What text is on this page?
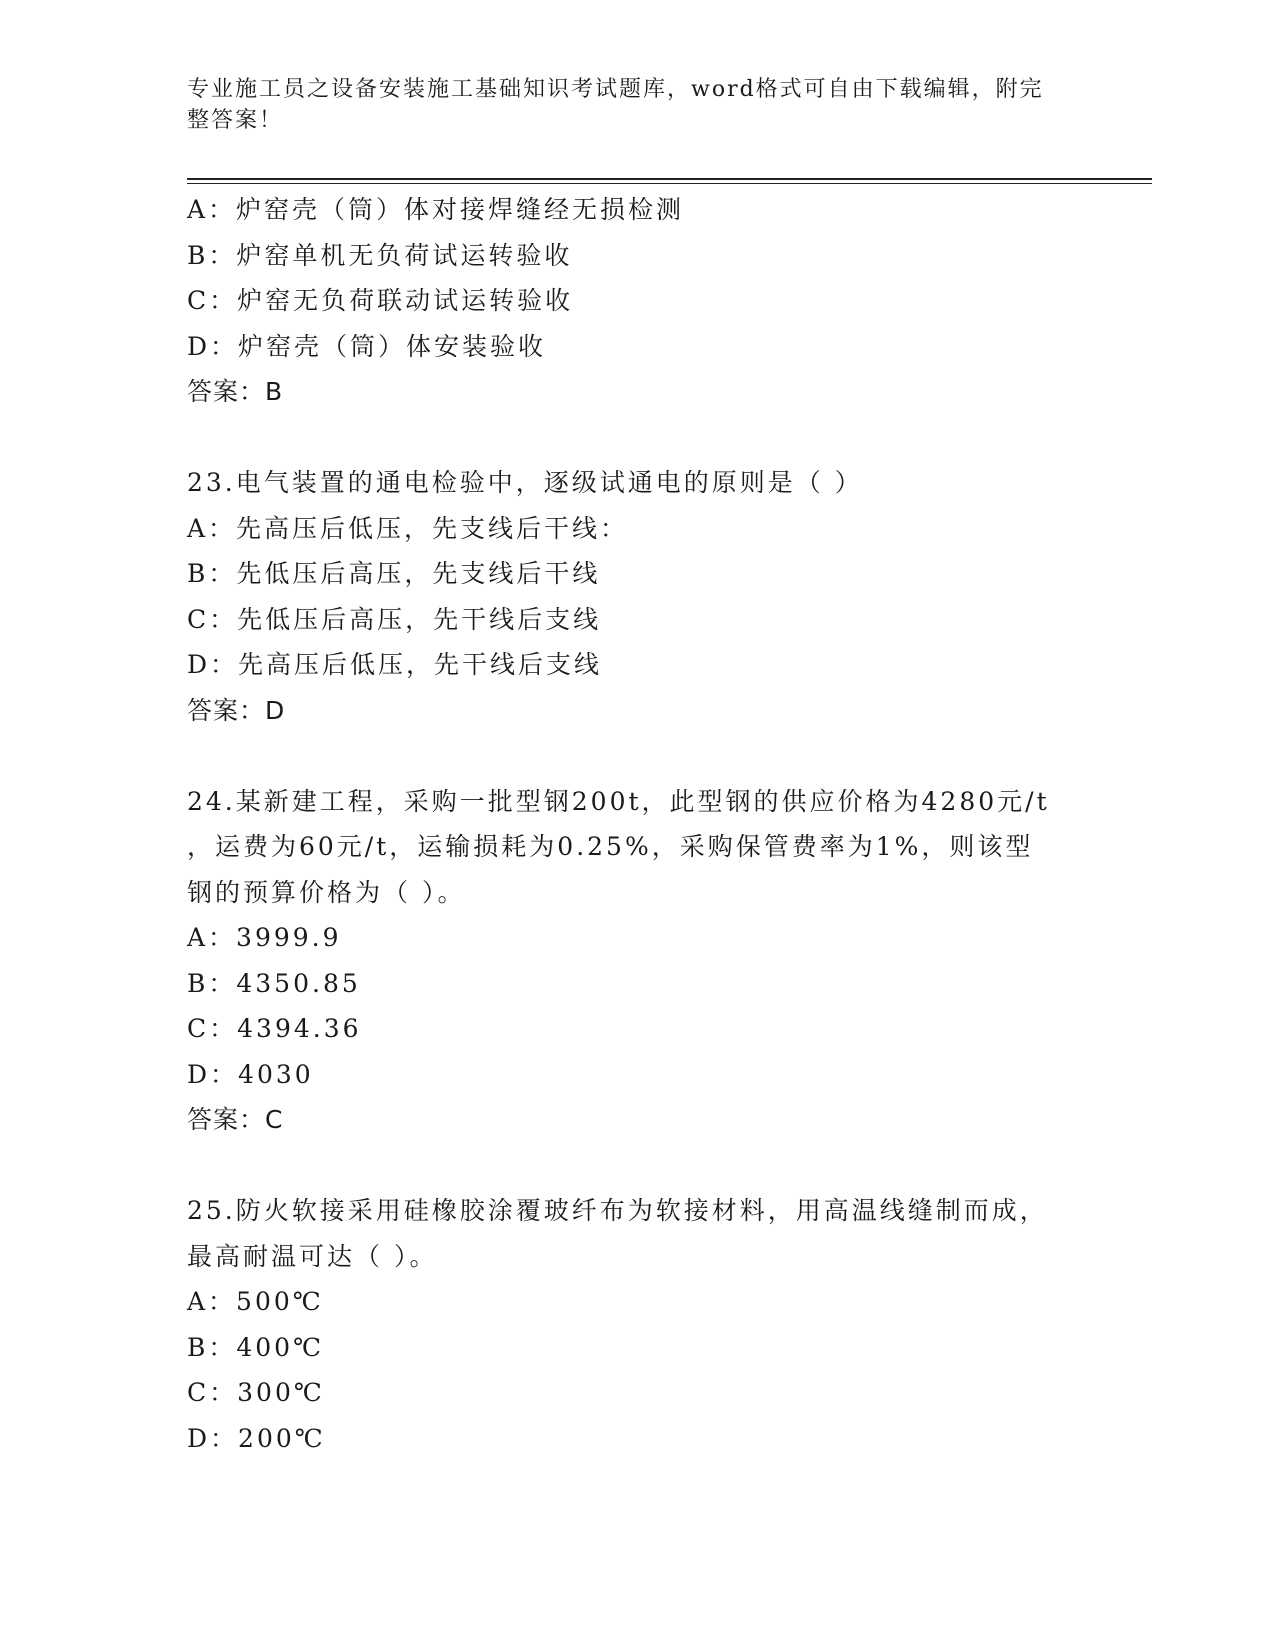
专业施工员之设备安装施工基础知识考试题库，word格式可自由下载编辑，附完
整答案！
A：炉窑壳（筒）体对接焊缝经无损检测
B：炉窑单机无负荷试运转验收
C：炉窑无负荷联动试运转验收
D：炉窑壳（筒）体安装验收
答案：B
23.电气装置的通电检验中，逐级试通电的原则是（ ）
A：先高压后低压，先支线后干线：
B：先低压后高压，先支线后干线
C：先低压后高压，先干线后支线
D：先高压后低压，先干线后支线
答案：D
24.某新建工程，采购一批型钢200t，此型钢的供应价格为4280元/t
，运费为60元/t，运输损耗为0.25%，采购保管费率为1%，则该型
钢的预算价格为（ ）。
A：3999.9
B：4350.85
C：4394.36
D：4030
答案：C
25.防火软接采用硅橡胶涂覆玻纤布为软接材料，用高温线缝制而成，
最高耐温可达（ ）。
A：500℃
B：400℃
C：300℃
D：200℃
